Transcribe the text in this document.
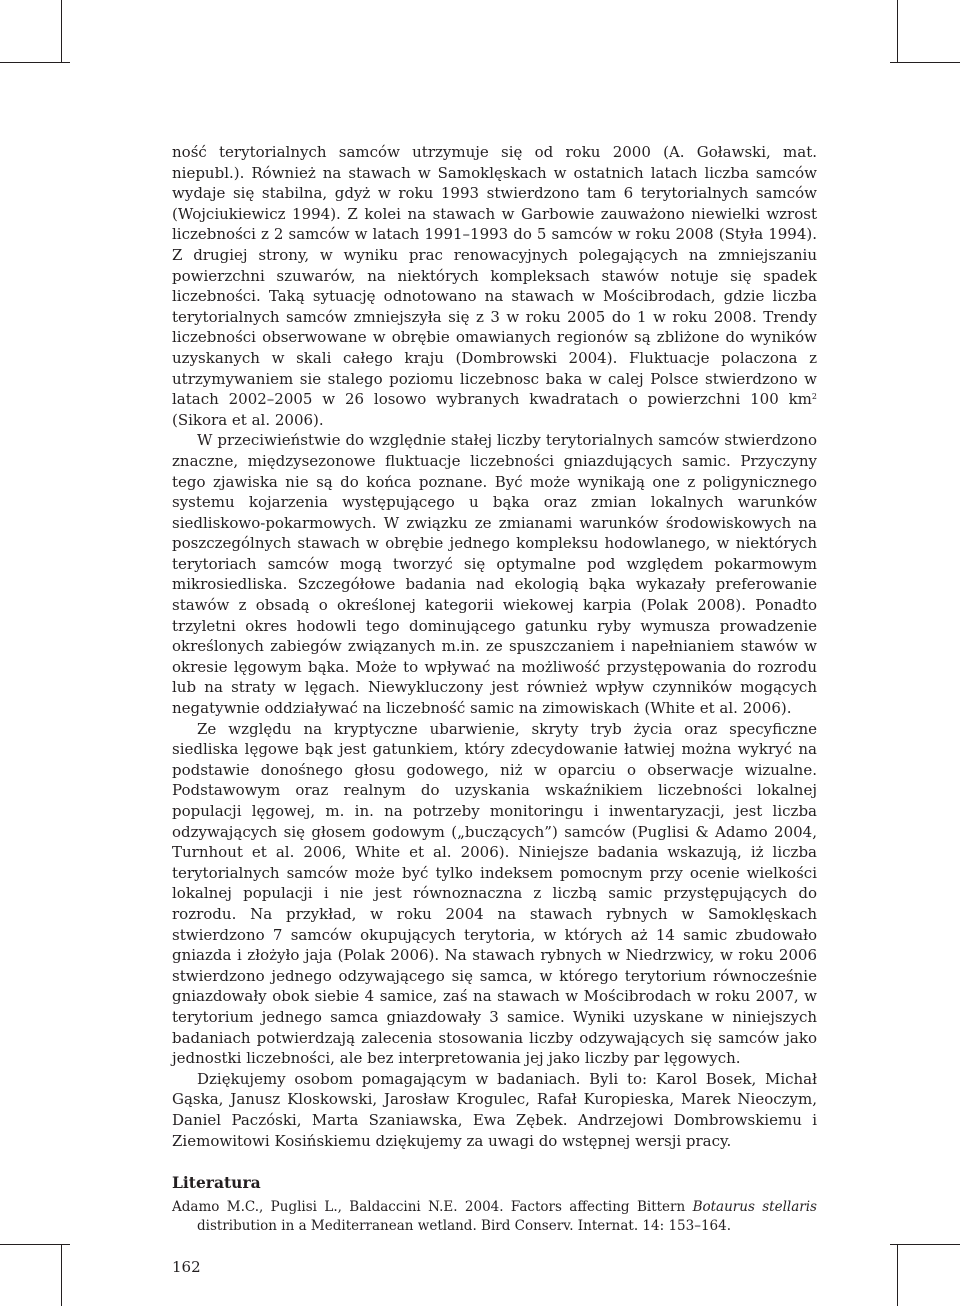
ność terytorialnych samców utrzymuje się od roku 2000 (A. Goławski, mat. niepubl.). Również na stawach w Samoklęskach w ostatnich latach liczba samców wydaje się stabilna, gdyż w roku 1993 stwierdzono tam 6 terytorialnych samców (Wojciukiewicz 1994). Z kolei na stawach w Garbowie zauważono niewielki wzrost liczebności z 2 samców w latach 1991–1993 do 5 samców w roku 2008 (Styła 1994). Z drugiej strony, w wyniku prac renowacyjnych polegających na zmniejszaniu powierzchni szuwarów, na niektórych kompleksach stawów notuje się spadek liczebności. Taką sytuację odnotowano na stawach w Mościbrodach, gdzie liczba terytorialnych samców zmniejszyła się z 3 w roku 2005 do 1 w roku 2008. Trendy liczebności obserwowane w obrębie omawianych regionów są zbliżone do wyników uzyskanych w skali całego kraju (Dombrowski 2004). Fluktuacje polaczona z utrzymywaniem sie stalego poziomu liczebnosc baka w calej Polsce stwierdzono w latach 2002–2005 w 26 losowo wybranych kwadratach o powierzchni 100 $km^2$ (Sikora et al. 2006).

W przeciwieństwie do względnie stałej liczby terytorialnych samców stwierdzono znaczne, międzysezonowe fluktuacje liczebności gniazdujących samic. Przyczyny tego zjawiska nie są do końca poznane. Być może wynikają one z poligynicznego systemu kojarzenia występującego u bąka oraz zmian lokalnych warunków siedliskowo-pokarmowych. W związku ze zmianami warunków środowiskowych na poszczególnych stawach w obrębie jednego kompleksu hodowlanego, w niektórych terytoriach samców mogą tworzyć się optymalne pod względem pokarmowym mikrosiedliska. Szczegółowe badania nad ekologią bąka wykazały preferowanie stawów z obsadą o określonej kategorii wiekowej karpia (Polak 2008). Ponadto trzyletni okres hodowli tego dominującego gatunku ryby wymusza prowadzenie określonych zabiegów związanych m.in. ze spuszczaniem i napełnianiem stawów w okresie lęgowym bąka. Może to wpływać na możliwość przystępowania do rozrodu lub na straty w lęgach. Niewykluczony jest również wpływ czynników mogących negatywnie oddziaływać na liczebność samic na zimowiskach (White et al. 2006).

Ze względu na kryptyczne ubarwienie, skryty tryb życia oraz specyficzne siedliska lęgowe bąk jest gatunkiem, który zdecydowanie łatwiej można wykryć na podstawie donośnego głosu godowego, niż w oparciu o obserwacje wizualne. Podstawowym oraz realnym do uzyskania wskaźnikiem liczebności lokalnej populacji lęgowej, m. in. na potrzeby monitoringu i inwentaryzacji, jest liczba odzywających się głosem godowym („buczących”) samców (Puglisi & Adamo 2004, Turnhout et al. 2006, White et al. 2006). Niniejsze badania wskazują, iż liczba terytorialnych samców może być tylko indeksem pomocnym przy ocenie wielkości lokalnej populacji i nie jest równoznaczna z liczbą samic przystępujących do rozrodu. Na przykład, w roku 2004 na stawach rybnych w Samoklęskach stwierdzono 7 samców okupujących terytoria, w których aż 14 samic zbudowało gniazda i złożyło jaja (Polak 2006). Na stawach rybnych w Niedrzwicy, w roku 2006 stwierdzono jednego odzywającego się samca, w którego terytorium równocześnie gniazdowały obok siebie 4 samice, zaś na stawach w Mościbrodach w roku 2007, w terytorium jednego samca gniazdowały 3 samice. Wyniki uzyskane w niniejszych badaniach potwierdzają zalecenia stosowania liczby odzywających się samców jako jednostki liczebności, ale bez interpretowania jej jako liczby par lęgowych.

Dziękujemy osobom pomagającym w badaniach. Byli to: Karol Bosek, Michał Gąska, Janusz Kloskowski, Jarosław Krogulec, Rafał Kuropieska, Marek Nieoczym, Daniel Paczóski, Marta Szaniawska, Ewa Zębek. Andrzejowi Dombrowskiemu i Ziemowitowi Kosińskiemu dziękujemy za uwagi do wstępnej wersji pracy.

Literatura
Adamo M.C., Puglisi L., Baldaccini N.E. 2004. Factors affecting Bittern Botaurus stellaris distribution in a Mediterranean wetland. Bird Conserv. Internat. 14: 153–164.
162
